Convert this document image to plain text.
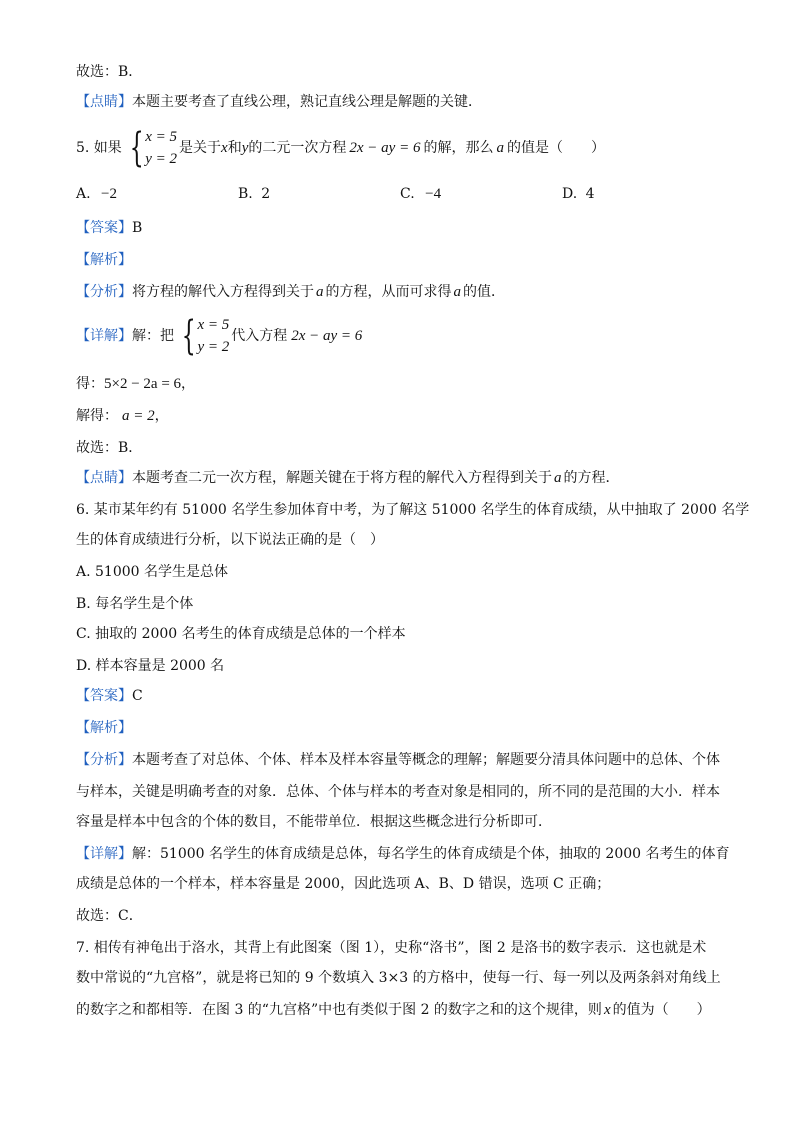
故选：B．
【点睛】本题主要考查了直线公理，熟记直线公理是解题的关键．
5. 如果 { x = 5
y = 2
是关于 x 和 y 的二元一次方程 2x − ay = 6 的解，那么 a 的值是（　　）
A. −2	B. 2	C. −4	D. 4
【答案】B
【解析】
【分析】将方程的解代入方程得到关于 a 的方程，从而可求得 a 的值．
【详解】 解：把 { x = 5
y = 2
代入方程 2x − ay = 6
得：5×2 − 2a = 6，
解得： a = 2，
故选：B．
【点睛】本题考查二元一次方程，解题关键在于将方程的解代入方程得到关于 a 的方程．
6. 某市某年约有 51000 名学生参加体育中考，为了解这 51000 名学生的体育成绩，从中抽取了 2000 名学
生的体育成绩进行分析，以下说法正确的是（　）
A. 51000 名学生是总体
B. 每名学生是个体
C. 抽取的 2000 名考生的体育成绩是总体的一个样本
D. 样本容量是 2000 名
【答案】C
【解析】
【分析】本题考查了对总体、个体、样本及样本容量等概念的理解；解题要分清具体问题中的总体、个体
与样本，关键是明确考查的对象．总体、个体与样本的考查对象是相同的，所不同的是范围的大小．样本
容量是样本中包含的个体的数目，不能带单位．根据这些概念进行分析即可．
【详解】解：51000 名学生的体育成绩是总体，每名学生的体育成绩是个体，抽取的 2000 名考生的体育
成绩是总体的一个样本，样本容量是 2000，因此选项 A、B、D 错误，选项 C 正确；
故选：C．
7. 相传有神龟出于洛水，其背上有此图案（图 1），史称“洛书”，图 2 是洛书的数字表示．这也就是术
数中常说的“九宫格”，就是将已知的 9 个数填入 3×3 的方格中，使每一行、每一列以及两条斜对角线上
的数字之和都相等．在图 3 的“九宫格”中也有类似于图 2 的数字之和的这个规律，则 x 的值为（　　）
